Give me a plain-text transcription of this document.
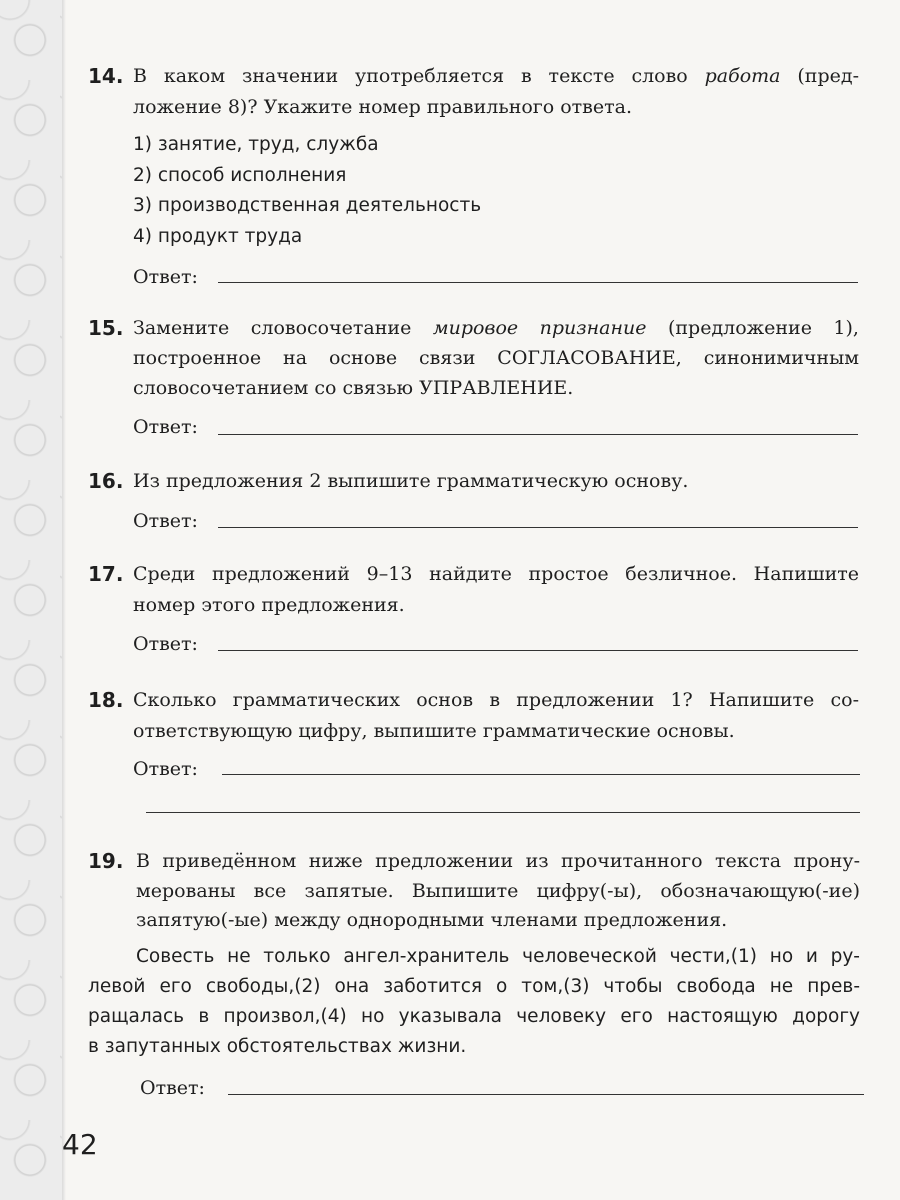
14. В каком значении употребляется в тексте слово работа (пред-
ложение 8)? Укажите номер правильного ответа.
1) занятие, труд, служба
2) способ исполнения
3) производственная деятельность
4) продукт труда
Ответ:
15. Замените словосочетание мировое признание (предложение 1),
построенное на основе связи СОГЛАСОВАНИЕ, синонимичным
словосочетанием со связью УПРАВЛЕНИЕ.
Ответ:
16. Из предложения 2 выпишите грамматическую основу.
Ответ:
17. Среди предложений 9–13 найдите простое безличное. Напишите
номер этого предложения.
Ответ:
18. Сколько грамматических основ в предложении 1? Напишите со-
ответствующую цифру, выпишите грамматические основы.
Ответ:
19. В приведённом ниже предложении из прочитанного текста прону-
мерованы все запятые. Выпишите цифру(-ы), обозначающую(-ие)
запятую(-ые) между однородными членами предложения.
Совесть не только ангел-хранитель человеческой чести,(1) но и ру-
левой его свободы,(2) она заботится о том,(3) чтобы свобода не прев-
ращалась в произвол,(4) но указывала человеку его настоящую дорогу
в запутанных обстоятельствах жизни.
Ответ:
42
